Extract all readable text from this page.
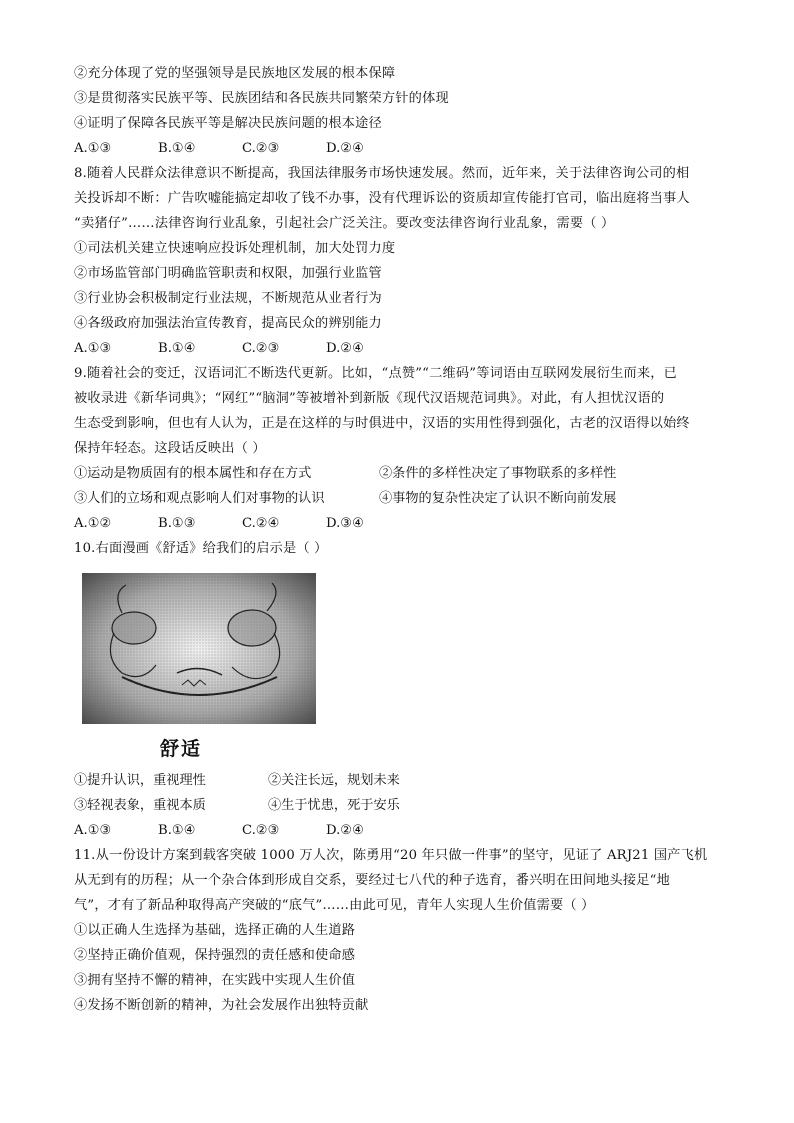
②充分体现了党的坚强领导是民族地区发展的根本保障
③是贯彻落实民族平等、民族团结和各民族共同繁荣方针的体现
④证明了保障各民族平等是解决民族问题的根本途径
A.①③	B.①④	C.②③	D.②④
8.随着人民群众法律意识不断提高，我国法律服务市场快速发展。然而，近年来，关于法律咨询公司的相
关投诉却不断：广告吹嘘能搞定却收了钱不办事，没有代理诉讼的资质却宣传能打官司，临出庭将当事人
“卖猪仔”……法律咨询行业乱象，引起社会广泛关注。要改变法律咨询行业乱象，需要（ ）
①司法机关建立快速响应投诉处理机制，加大处罚力度
②市场监管部门明确监管职责和权限，加强行业监管
③行业协会积极制定行业法规，不断规范从业者行为
④各级政府加强法治宣传教育，提高民众的辨别能力
A.①③	B.①④	C.②③	D.②④
9.随着社会的变迁，汉语词汇不断迭代更新。比如，“点赞”“二维码”等词语由互联网发展衍生而来，已
被收录进《新华词典》；“网红”“脑洞”等被增补到新版《现代汉语规范词典》。对此，有人担忧汉语的
生态受到影响，但也有人认为，正是在这样的与时俱进中，汉语的实用性得到强化，古老的汉语得以始终
保持年轻态。这段话反映出（ ）
①运动是物质固有的根本属性和存在方式	②条件的多样性决定了事物联系的多样性
③人们的立场和观点影响人们对事物的认识	④事物的复杂性决定了认识不断向前发展
A.①②	B.①③	C.②④	D.③④
10.右面漫画《舒适》给我们的启示是（ ）
舒适
①提升认识，重视理性	②关注长远，规划未来
③轻视表象，重视本质	④生于忧患，死于安乐
A.①③	B.①④	C.②③	D.②④
11.从一份设计方案到载客突破 1000 万人次，陈勇用“20 年只做一件事”的坚守，见证了 ARJ21 国产飞机
从无到有的历程；从一个杂合体到形成自交系，要经过七八代的种子选育，番兴明在田间地头接足“地
气”，才有了新品种取得高产突破的“底气”……由此可见，青年人实现人生价值需要（ ）
①以正确人生选择为基础，选择正确的人生道路
②坚持正确价值观，保持强烈的责任感和使命感
③拥有坚持不懈的精神，在实践中实现人生价值
④发扬不断创新的精神，为社会发展作出独特贡献
